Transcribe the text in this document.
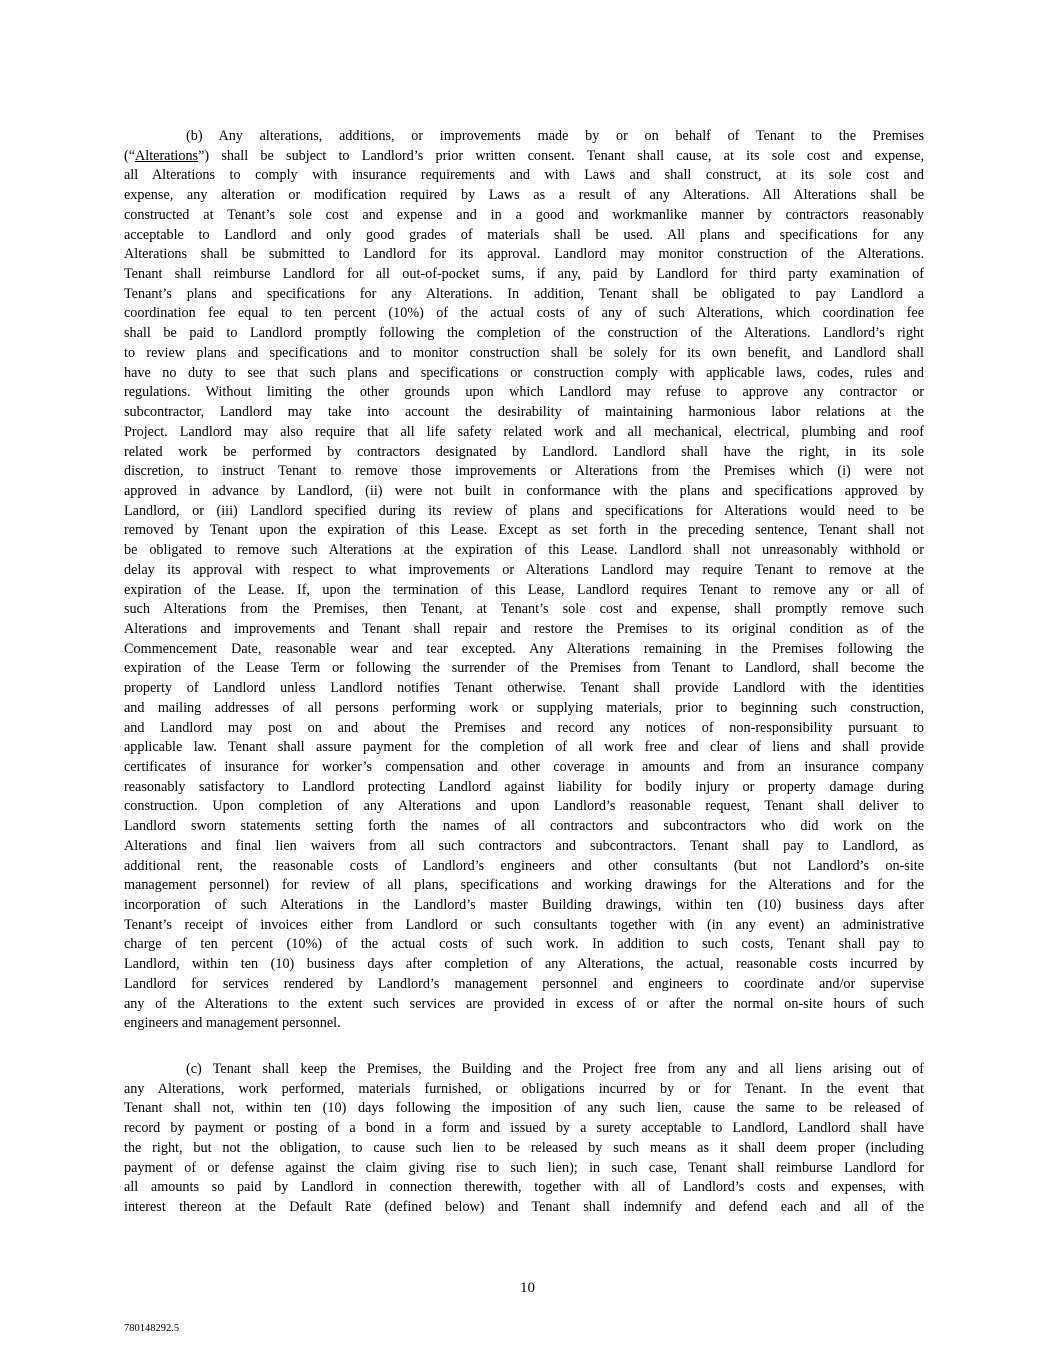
(b) Any alterations, additions, or improvements made by or on behalf of Tenant to the Premises
(“Alterations”) shall be subject to Landlord’s prior written consent. Tenant shall cause, at its sole cost and expense,
all Alterations to comply with insurance requirements and with Laws and shall construct, at its sole cost and
expense, any alteration or modification required by Laws as a result of any Alterations. All Alterations shall be
constructed at Tenant’s sole cost and expense and in a good and workmanlike manner by contractors reasonably
acceptable to Landlord and only good grades of materials shall be used. All plans and specifications for any
Alterations shall be submitted to Landlord for its approval. Landlord may monitor construction of the Alterations.
Tenant shall reimburse Landlord for all out-of-pocket sums, if any, paid by Landlord for third party examination of
Tenant’s plans and specifications for any Alterations. In addition, Tenant shall be obligated to pay Landlord a
coordination fee equal to ten percent (10%) of the actual costs of any of such Alterations, which coordination fee
shall be paid to Landlord promptly following the completion of the construction of the Alterations. Landlord’s right
to review plans and specifications and to monitor construction shall be solely for its own benefit, and Landlord shall
have no duty to see that such plans and specifications or construction comply with applicable laws, codes, rules and
regulations. Without limiting the other grounds upon which Landlord may refuse to approve any contractor or
subcontractor, Landlord may take into account the desirability of maintaining harmonious labor relations at the
Project. Landlord may also require that all life safety related work and all mechanical, electrical, plumbing and roof
related work be performed by contractors designated by Landlord. Landlord shall have the right, in its sole
discretion, to instruct Tenant to remove those improvements or Alterations from the Premises which (i) were not
approved in advance by Landlord, (ii) were not built in conformance with the plans and specifications approved by
Landlord, or (iii) Landlord specified during its review of plans and specifications for Alterations would need to be
removed by Tenant upon the expiration of this Lease. Except as set forth in the preceding sentence, Tenant shall not
be obligated to remove such Alterations at the expiration of this Lease. Landlord shall not unreasonably withhold or
delay its approval with respect to what improvements or Alterations Landlord may require Tenant to remove at the
expiration of the Lease. If, upon the termination of this Lease, Landlord requires Tenant to remove any or all of
such Alterations from the Premises, then Tenant, at Tenant’s sole cost and expense, shall promptly remove such
Alterations and improvements and Tenant shall repair and restore the Premises to its original condition as of the
Commencement Date, reasonable wear and tear excepted. Any Alterations remaining in the Premises following the
expiration of the Lease Term or following the surrender of the Premises from Tenant to Landlord, shall become the
property of Landlord unless Landlord notifies Tenant otherwise. Tenant shall provide Landlord with the identities
and mailing addresses of all persons performing work or supplying materials, prior to beginning such construction,
and Landlord may post on and about the Premises and record any notices of non-responsibility pursuant to
applicable law. Tenant shall assure payment for the completion of all work free and clear of liens and shall provide
certificates of insurance for worker’s compensation and other coverage in amounts and from an insurance company
reasonably satisfactory to Landlord protecting Landlord against liability for bodily injury or property damage during
construction. Upon completion of any Alterations and upon Landlord’s reasonable request, Tenant shall deliver to
Landlord sworn statements setting forth the names of all contractors and subcontractors who did work on the
Alterations and final lien waivers from all such contractors and subcontractors. Tenant shall pay to Landlord, as
additional rent, the reasonable costs of Landlord’s engineers and other consultants (but not Landlord’s on-site
management personnel) for review of all plans, specifications and working drawings for the Alterations and for the
incorporation of such Alterations in the Landlord’s master Building drawings, within ten (10) business days after
Tenant’s receipt of invoices either from Landlord or such consultants together with (in any event) an administrative
charge of ten percent (10%) of the actual costs of such work. In addition to such costs, Tenant shall pay to
Landlord, within ten (10) business days after completion of any Alterations, the actual, reasonable costs incurred by
Landlord for services rendered by Landlord’s management personnel and engineers to coordinate and/or supervise
any of the Alterations to the extent such services are provided in excess of or after the normal on-site hours of such
engineers and management personnel.
(c) Tenant shall keep the Premises, the Building and the Project free from any and all liens arising out of
any Alterations, work performed, materials furnished, or obligations incurred by or for Tenant. In the event that
Tenant shall not, within ten (10) days following the imposition of any such lien, cause the same to be released of
record by payment or posting of a bond in a form and issued by a surety acceptable to Landlord, Landlord shall have
the right, but not the obligation, to cause such lien to be released by such means as it shall deem proper (including
payment of or defense against the claim giving rise to such lien); in such case, Tenant shall reimburse Landlord for
all amounts so paid by Landlord in connection therewith, together with all of Landlord’s costs and expenses, with
interest thereon at the Default Rate (defined below) and Tenant shall indemnify and defend each and all of the
10
780148292.5
